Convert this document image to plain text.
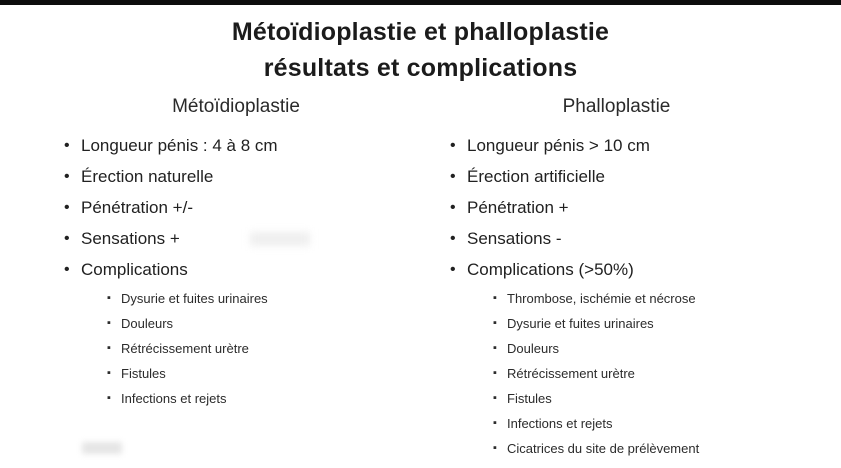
Métoïdioplastie et phalloplastie
résultats et complications
Métoïdioplastie
• Longueur pénis : 4 à 8 cm
• Érection naturelle
• Pénétration +/-
• Sensations +
• Complications
▪ Dysurie et fuites urinaires
▪ Douleurs
▪ Rétrécissement urètre
▪ Fistules
▪ Infections et rejets
Phalloplastie
• Longueur pénis > 10 cm
• Érection artificielle
• Pénétration +
• Sensations -
• Complications (>50%)
▪ Thrombose, ischémie et nécrose
▪ Dysurie et fuites urinaires
▪ Douleurs
▪ Rétrécissement urètre
▪ Fistules
▪ Infections et rejets
▪ Cicatrices du site de prélèvement
